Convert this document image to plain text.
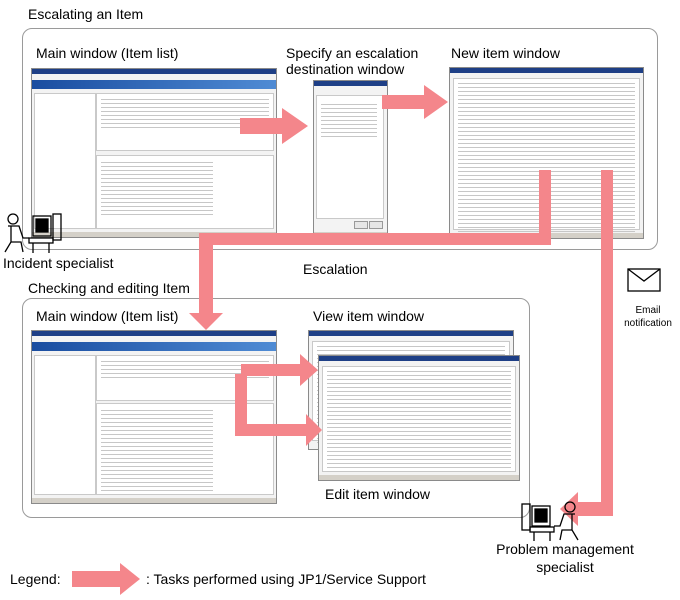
Escalating an Item
Checking and editing Item
Main window (Item list)	Specify an escalation destination window
New item window
Main window (Item list)	View item window
Edit item window
Escalation
Email notification
Incident specialist
Problem management specialist
Legend:	: Tasks performed using JP1/Service Support
